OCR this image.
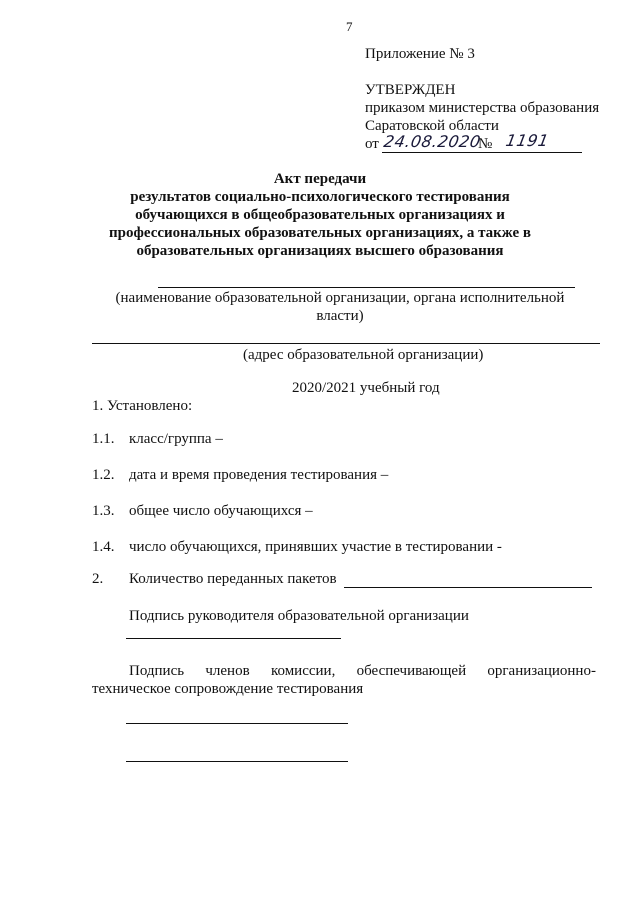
7
Приложение № 3
УТВЕРЖДЕН
приказом министерства образования
Саратовской области
от 24.08.2020
№ 1191
Акт передачи
результатов социально-психологического тестирования
обучающихся в общеобразовательных организациях и
профессиональных образовательных организациях, а также в
образовательных организациях высшего образования
(наименование образовательной организации, органа исполнительной
власти)
(адрес образовательной организации)
2020/2021 учебный год
1. Установлено:
1.1. класс/группа –
1.2. дата и время проведения тестирования –
1.3. общее число обучающихся –
1.4. число обучающихся, принявших участие в тестировании -
2. Количество переданных пакетов
Подпись руководителя образовательной организации
Подпись членов комиссии, обеспечивающей организационно-
техническое сопровождение тестирования
